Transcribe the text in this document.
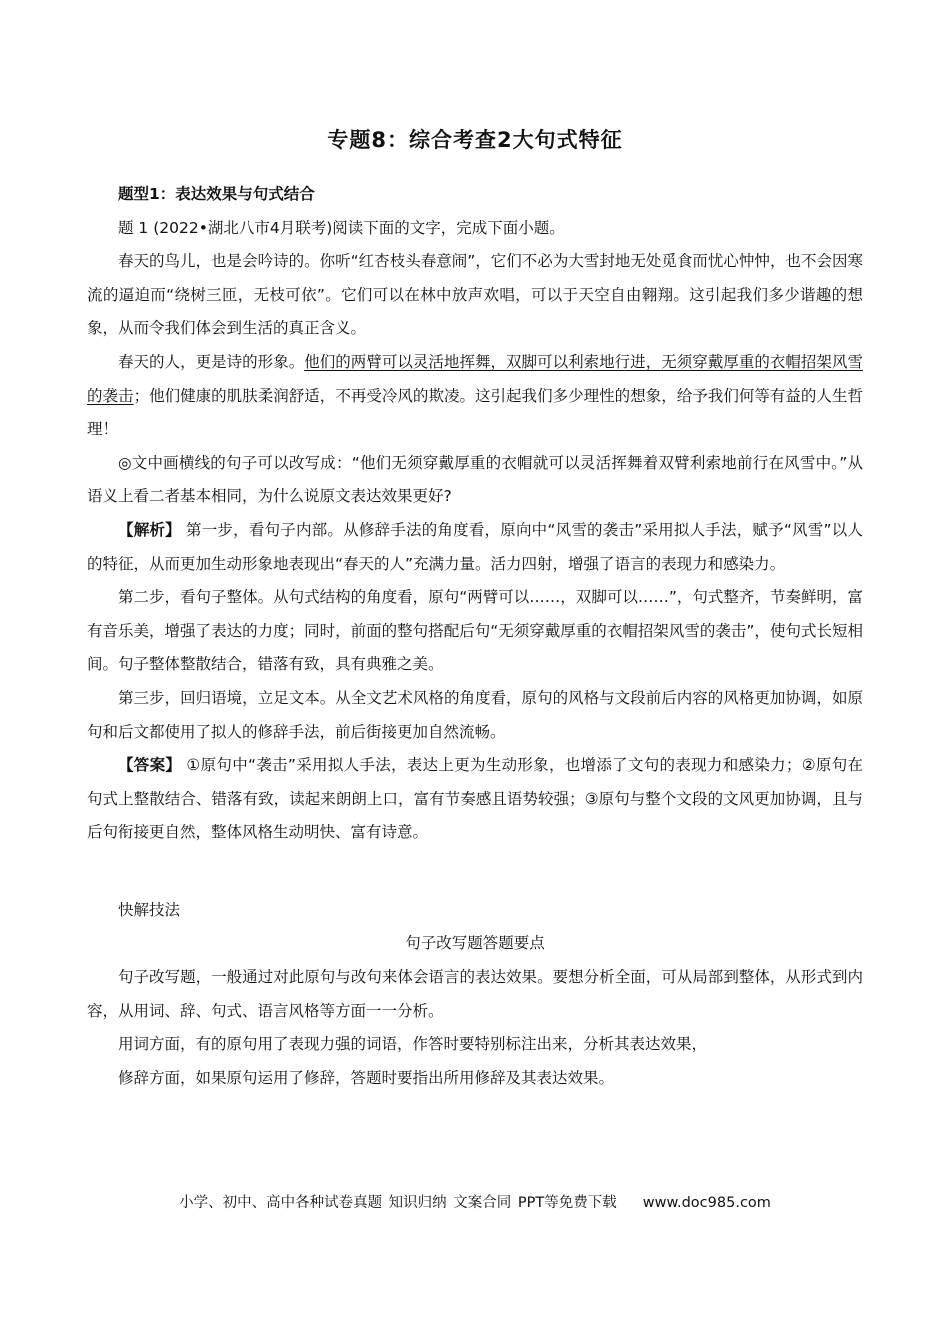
专题8：综合考查2大句式特征

题型1：表达效果与句式结合

题 1 (2022•湖北八市4月联考)阅读下面的文字，完成下面小题。

春天的鸟儿，也是会吟诗的。你听“红杏枝头春意闹”，它们不必为大雪封地无处觅食而忧心忡忡，也不会因寒流的逼迫而“绕树三匝，无枝可依”。它们可以在林中放声欢唱，可以于天空自由翱翔。这引起我们多少谐趣的想象，从而令我们体会到生活的真正含义。

春天的人，更是诗的形象。他们的两臂可以灵活地挥舞，双脚可以利索地行进，无须穿戴厚重的衣帽招架风雪的袭击；他们健康的肌肤柔润舒适，不再受冷风的欺凌。这引起我们多少理性的想象，给予我们何等有益的人生哲理！

◎文中画横线的句子可以改写成：“他们无须穿戴厚重的衣帽就可以灵活挥舞着双臂利索地前行在风雪中。”从语义上看二者基本相同，为什么说原文表达效果更好?

【解析】 第一步，看句子内部。从修辞手法的角度看，原向中“风雪的袭击”采用拟人手法，赋予“风雪”以人的特征，从而更加生动形象地表现出“春天的人”充满力量。活力四射，增强了语言的表现力和感染力。

第二步，看句子整体。从句式结构的角度看，原句“两臂可以……，双脚可以……”，句式整齐，节奏鲜明，富有音乐美，增强了表达的力度；同时，前面的整句搭配后句“无须穿戴厚重的衣帽招架风雪的袭击”，使句式长短相间。句子整体整散结合，错落有致，具有典雅之美。

第三步，回归语境，立足文本。从全文艺术风格的角度看，原句的风格与文段前后内容的风格更加协调，如原句和后文都使用了拟人的修辞手法，前后街接更加自然流畅。

【答案】 ①原句中“袭击”采用拟人手法，表达上更为生动形象，也增添了文句的表现力和感染力；②原句在句式上整散结合、错落有致，读起来朗朗上口，富有节奏感且语势较强；③原句与整个文段的文风更加协调，且与后句衔接更自然，整体风格生动明快、富有诗意。

快解技法

句子改写题答题要点

句子改写题，一般通过对此原句与改句来体会语言的表达效果。要想分析全面，可从局部到整体，从形式到内容，从用词、辞、句式、语言风格等方面一一分析。

用词方面，有的原句用了表现力强的词语，作答时要特别标注出来，分析其表达效果，

修辞方面，如果原句运用了修辞，答题时要指出所用修辞及其表达效果。

小学、初中、高中各种试卷真题 知识归纳 文案合同 PPT等免费下载 www.doc985.com
